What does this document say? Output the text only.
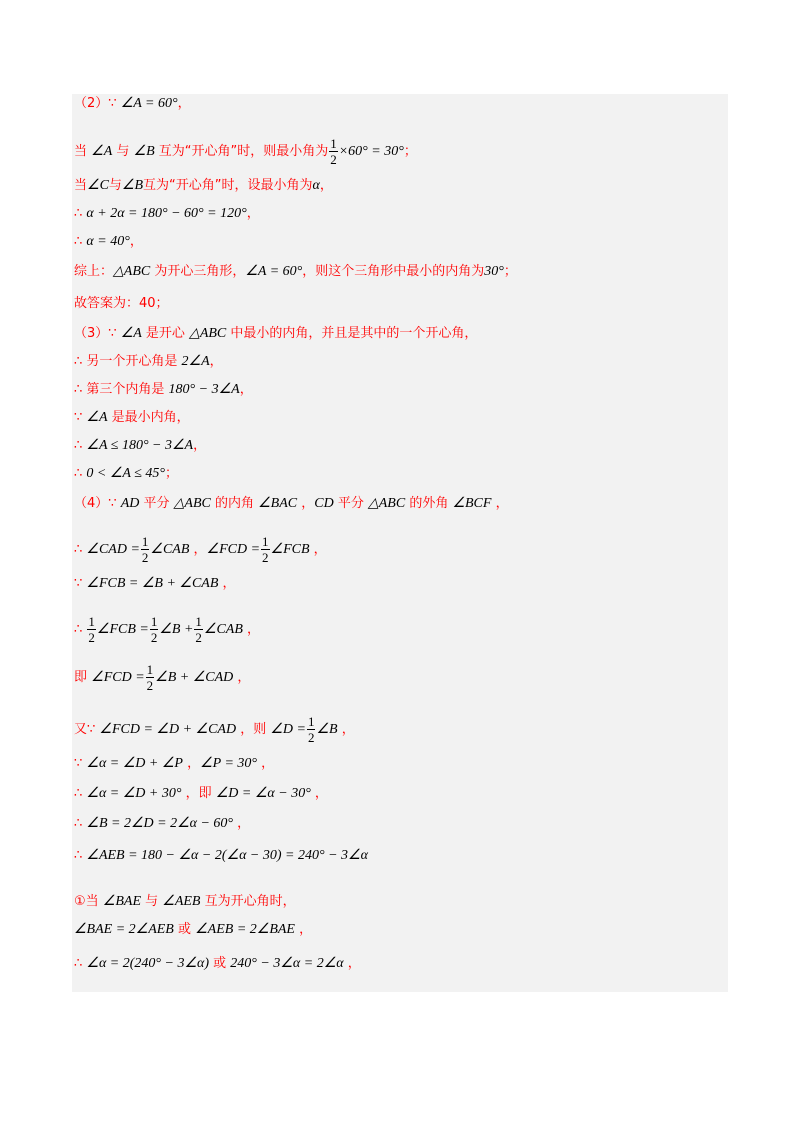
（2）∵ ∠A = 60°，
当 ∠A 与 ∠B 互为“开心角”时，则最小角为 $\frac{1}{2} \times 60^\circ = 30^\circ$；
当∠C与∠B互为“开心角”时，设最小角为α，
∴ α + 2α = 180° − 60° = 120°，
∴ α = 40°，
综上：△ABC 为开心三角形，∠A = 60°，则这个三角形中最小的内角为30°；
故答案为：40；
（3）∵ ∠A 是开心 △ABC 中最小的内角，并且是其中的一个开心角，
∴ 另一个开心角是 2∠A，
∴ 第三个内角是 180° − 3∠A，
∵ ∠A 是最小内角，
∴ ∠A ≤ 180° − 3∠A，
∴ 0 < ∠A ≤ 45°；
（4）∵ AD 平分 △ABC 的内角 ∠BAC ，CD 平分 △ABC 的外角 ∠BCF ，
∴ ∠CAD = $\frac{1}{2}$ ∠CAB ，∠FCD = $\frac{1}{2}$ ∠FCB ，
∵ ∠FCB = ∠B + ∠CAB ，
∴ $\frac{1}{2}$ ∠FCB = $\frac{1}{2}$ ∠B + $\frac{1}{2}$ ∠CAB ，
即 ∠FCD = $\frac{1}{2}$ ∠B + ∠CAD ，
又∵ ∠FCD = ∠D + ∠CAD ，则 ∠D = $\frac{1}{2}$ ∠B ，
∵ ∠α = ∠D + ∠P ，∠P = 30° ，
∴ ∠α = ∠D + 30° ，即 ∠D = ∠α − 30° ，
∴ ∠B = 2∠D = 2∠α − 60° ，
∴ ∠AEB = 180 − ∠α − 2(∠α − 30) = 240° − 3∠α
①当 ∠BAE 与 ∠AEB 互为开心角时，
∠BAE = 2∠AEB 或 ∠AEB = 2∠BAE ，
∴ ∠α = 2(240° − 3∠α) 或 240° − 3∠α = 2∠α ，
